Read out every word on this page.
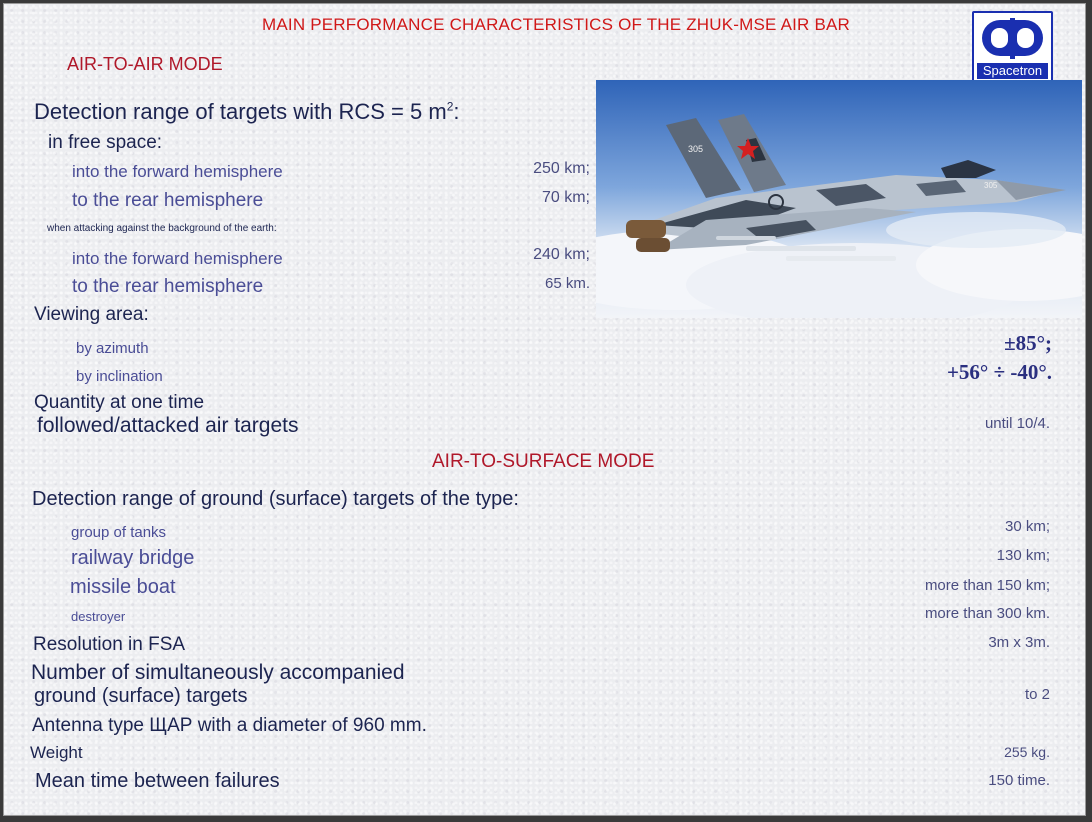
MAIN PERFORMANCE CHARACTERISTICS OF THE ZHUK-MSE AIR BAR
Spacetron
AIR-TO-AIR MODE
Detection range of targets with RCS = 5 $m^2$:
in free space:
into the forward hemisphere	250 km;
to the rear hemisphere	70 km;
when attacking against the background of the earth:
into the forward hemisphere	240 km;
to the rear hemisphere	65 km.
Viewing area:
by azimuth	±85°;
by inclination	+56° ÷ -40°.
Quantity at one time
followed/attacked air targets	until 10/4.
AIR-TO-SURFACE MODE
Detection range of ground (surface) targets of the type:
group of tanks	30 km;
railway bridge	130 km;
missile boat	more than 150 km;
destroyer	more than 300 km.
Resolution in FSA	3m x 3m.
Number of simultaneously accompanied
ground (surface) targets	to 2
Antenna type ЩАР with a diameter of 960 mm.
Weight	255 kg.
Mean time between failures	150 time.
305
305
